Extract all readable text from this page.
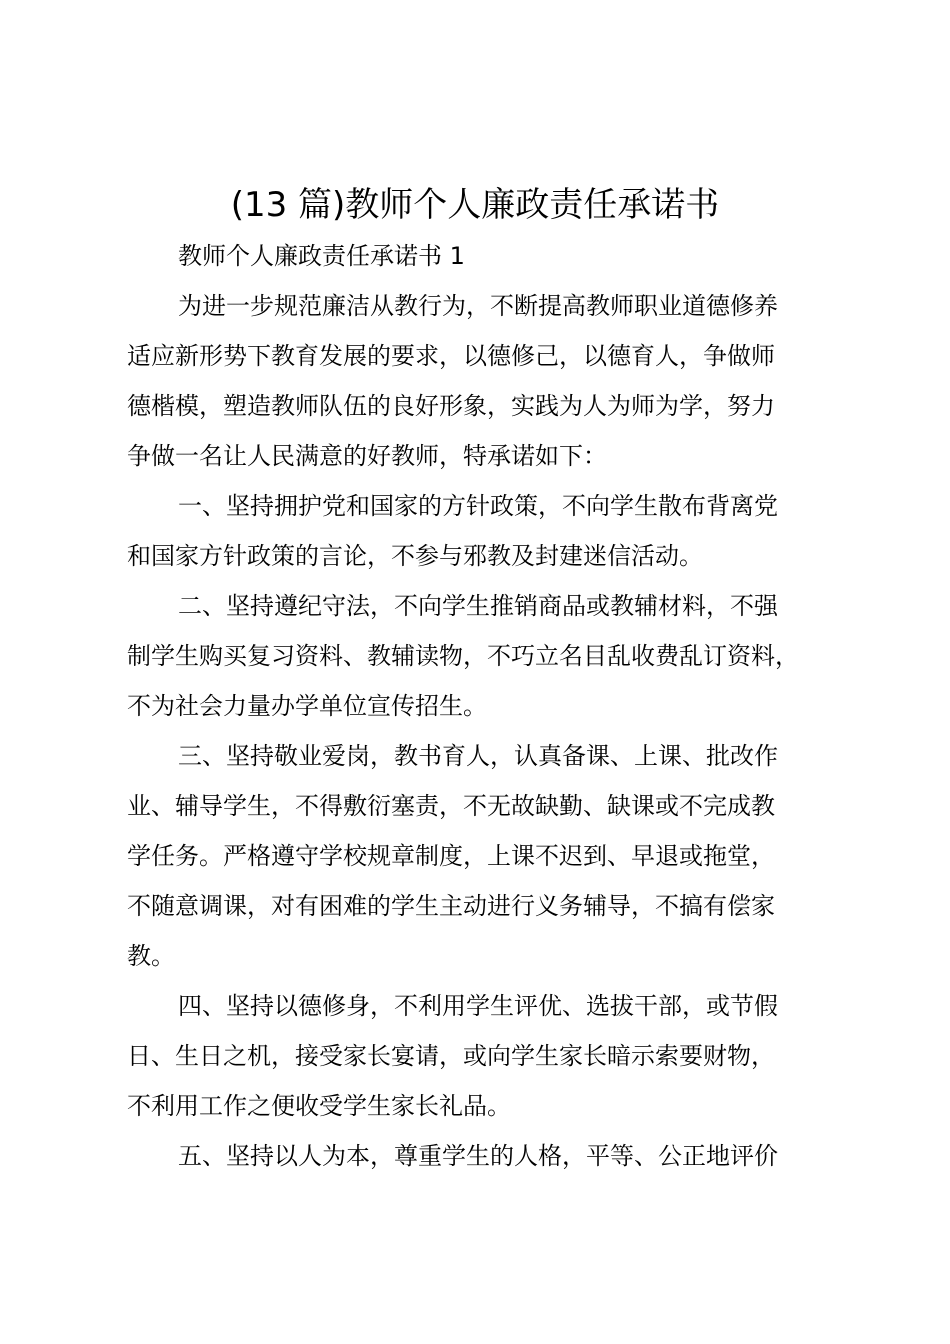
(13 篇)教师个人廉政责任承诺书
教师个人廉政责任承诺书 1
为进一步规范廉洁从教行为，不断提高教师职业道德修养
适应新形势下教育发展的要求，以德修己，以德育人，争做师
德楷模，塑造教师队伍的良好形象，实践为人为师为学，努力
争做一名让人民满意的好教师，特承诺如下：
一、坚持拥护党和国家的方针政策，不向学生散布背离党
和国家方针政策的言论，不参与邪教及封建迷信活动。
二、坚持遵纪守法，不向学生推销商品或教辅材料，不强
制学生购买复习资料、教辅读物，不巧立名目乱收费乱订资料，
不为社会力量办学单位宣传招生。
三、坚持敬业爱岗，教书育人，认真备课、上课、批改作
业、辅导学生，不得敷衍塞责，不无故缺勤、缺课或不完成教
学任务。严格遵守学校规章制度，上课不迟到、早退或拖堂，
不随意调课，对有困难的学生主动进行义务辅导，不搞有偿家
教。
四、坚持以德修身，不利用学生评优、选拔干部，或节假
日、生日之机，接受家长宴请，或向学生家长暗示索要财物，
不利用工作之便收受学生家长礼品。
五、坚持以人为本，尊重学生的人格，平等、公正地评价
